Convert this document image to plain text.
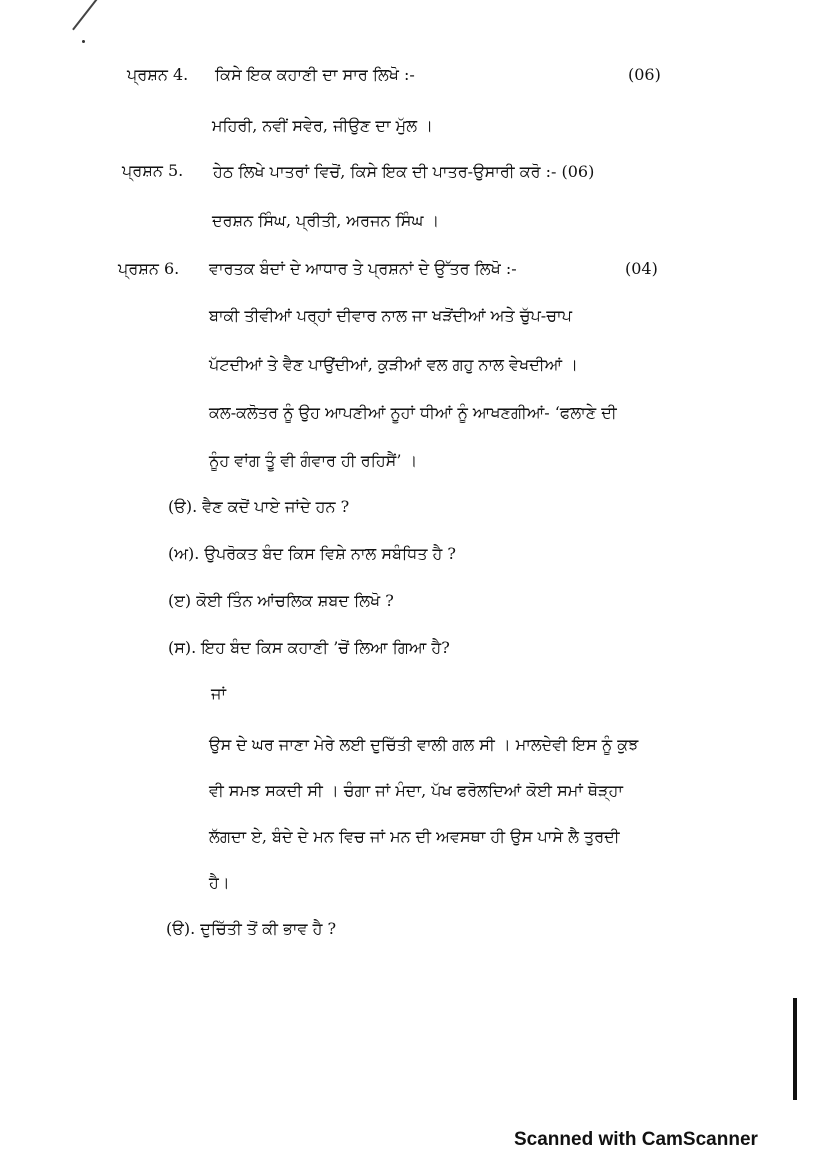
ਪ੍ਰਸ਼ਨ 4. ਕਿਸੇ ਇਕ ਕਹਾਣੀ ਦਾ ਸਾਰ ਲਿਖੋ :-	(06)
ਮਹਿਰੀ, ਨਵੀਂ ਸਵੇਰ, ਜੀਉਣ ਦਾ ਮੁੱਲ ।
ਪ੍ਰਸ਼ਨ 5. ਹੇਠ ਲਿਖੇ ਪਾਤਰਾਂ ਵਿਚੋਂ, ਕਿਸੇ ਇਕ ਦੀ ਪਾਤਰ-ਉਸਾਰੀ ਕਰੋ :- (06)
ਦਰਸ਼ਨ ਸਿੰਘ, ਪ੍ਰੀਤੀ, ਅਰਜਨ ਸਿੰਘ ।
ਪ੍ਰਸ਼ਨ 6. ਵਾਰਤਕ ਬੰਦਾਂ ਦੇ ਆਧਾਰ ਤੇ ਪ੍ਰਸ਼ਨਾਂ ਦੇ ਉੱਤਰ ਲਿਖੋ :-	(04)
ਬਾਕੀ ਤੀਵੀਆਂ ਪਰ੍ਹਾਂ ਦੀਵਾਰ ਨਾਲ ਜਾ ਖੜੋਂਦੀਆਂ ਅਤੇ ਚੁੱਪ-ਚਾਪ
ਪੱਟਦੀਆਂ ਤੇ ਵੈਣ ਪਾਉਂਦੀਆਂ, ਕੁੜੀਆਂ ਵਲ ਗਹੁ ਨਾਲ ਵੇਖਦੀਆਂ ।
ਕਲ-ਕਲੋਤਰ ਨੂੰ ਉਹ ਆਪਣੀਆਂ ਨੂਹਾਂ ਧੀਆਂ ਨੂੰ ਆਖਣਗੀਆਂ- ‘ਫਲਾਣੇ ਦੀ
ਨੂੰਹ ਵਾਂਗ ਤੂੰ ਵੀ ਗੰਵਾਰ ਹੀ ਰਹਿਸੈਂ’ ।
(ੳ). ਵੈਣ ਕਦੋਂ ਪਾਏ ਜਾਂਦੇ ਹਨ ?
(ਅ). ਉਪਰੋਕਤ ਬੰਦ ਕਿਸ ਵਿਸ਼ੇ ਨਾਲ ਸਬੰਧਿਤ ਹੈ ?
(ੲ) ਕੋਈ ਤਿੰਨ ਆਂਚਲਿਕ ਸ਼ਬਦ ਲਿਖੋ ?
(ਸ). ਇਹ ਬੰਦ ਕਿਸ ਕਹਾਣੀ ’ਚੋਂ ਲਿਆ ਗਿਆ ਹੈ?
ਜਾਂ
ਉਸ ਦੇ ਘਰ ਜਾਣਾ ਮੇਰੇ ਲਈ ਦੁਚਿੱਤੀ ਵਾਲੀ ਗਲ ਸੀ । ਮਾਲਦੇਵੀ ਇਸ ਨੂੰ ਕੁਝ
ਵੀ ਸਮਝ ਸਕਦੀ ਸੀ । ਚੰਗਾ ਜਾਂ ਮੰਦਾ, ਪੱਖ ਫਰੋਲਦਿਆਂ ਕੋਈ ਸਮਾਂ ਥੋੜ੍ਹਾ
ਲੱਗਦਾ ਏ, ਬੰਦੇ ਦੇ ਮਨ ਵਿਚ ਜਾਂ ਮਨ ਦੀ ਅਵਸਥਾ ਹੀ ਉਸ ਪਾਸੇ ਲੈ ਤੁਰਦੀ
ਹੈ।
(ੳ). ਦੁਚਿੱਤੀ ਤੋਂ ਕੀ ਭਾਵ ਹੈ ?
Scanned with CamScanner
